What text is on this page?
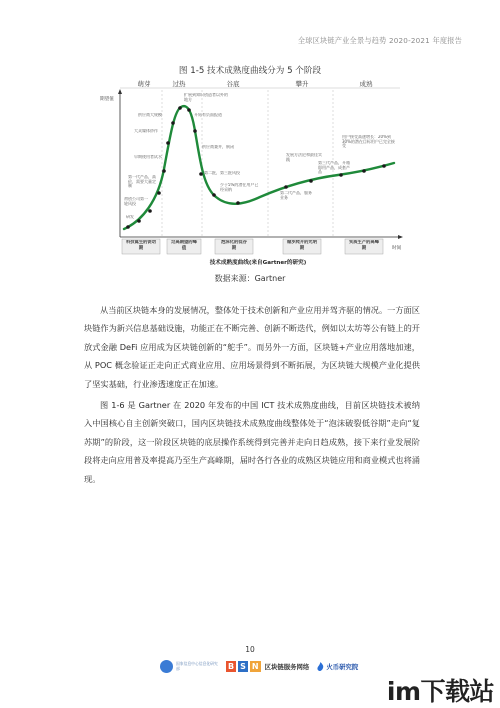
全球区块链产业全景与趋势 2020-2021 年度报告
图 1-5 技术成熟度曲线分为 5 个阶段
萌芽	过热	谷底	攀升	成熟
期望值
时间
扩展到知识创造者以外的地方
开始有负面报道
供应商大规模
大众媒体炒作
供应商兼并，倒闭
早期使用者试水
第二批，第三批风投
第一代产品，高价，需要大量定制	少于5%的潜在用户已经采纳
初创公司第一轮风投
研发
发展方法论和最佳实践
第三代产品，开箱即用产品，成套产品
第二代产品，服务业务
用户接受高速增长：20%到30%的潜在目标用户已完全接受
科技诞生的促动期
过高期望的峰值
泡沫化的低谷期
稳步爬升的光明期
实质生产的高峰期
技术成熟度曲线(来自Gartner的研究)
数据来源：Gartner

从当前区块链本身的发展情况，整体处于技术创新和产业应用并驾齐驱的情况。一方面区块链作为新兴信息基础设施，功能正在不断完善、创新不断迭代，例如以太坊等公有链上的开放式金融 DeFi 应用成为区块链创新的“舵手”。而另外一方面，区块链+产业应用落地加速，从 POC 概念验证正走向正式商业应用、应用场景得到不断拓展，为区块链大规模产业化提供了坚实基础，行业渗透速度正在加速。

图 1-6 是 Gartner 在 2020 年发布的中国 ICT 技术成熟度曲线，目前区块链技术被纳入中国核心自主创新突破口，国内区块链技术成熟度曲线整体处于“泡沫破裂低谷期”走向“复苏期”的阶段，这一阶段区块链的底层操作系统得到完善并走向日趋成熟，接下来行业发展阶段将走向应用普及率提高乃至生产高峰期，届时各行各业的成熟区块链应用和商业模式也将涌现。

10
国家信息中心信息化研究部	B S N 区块链服务网络	火币研究院
im下载站
